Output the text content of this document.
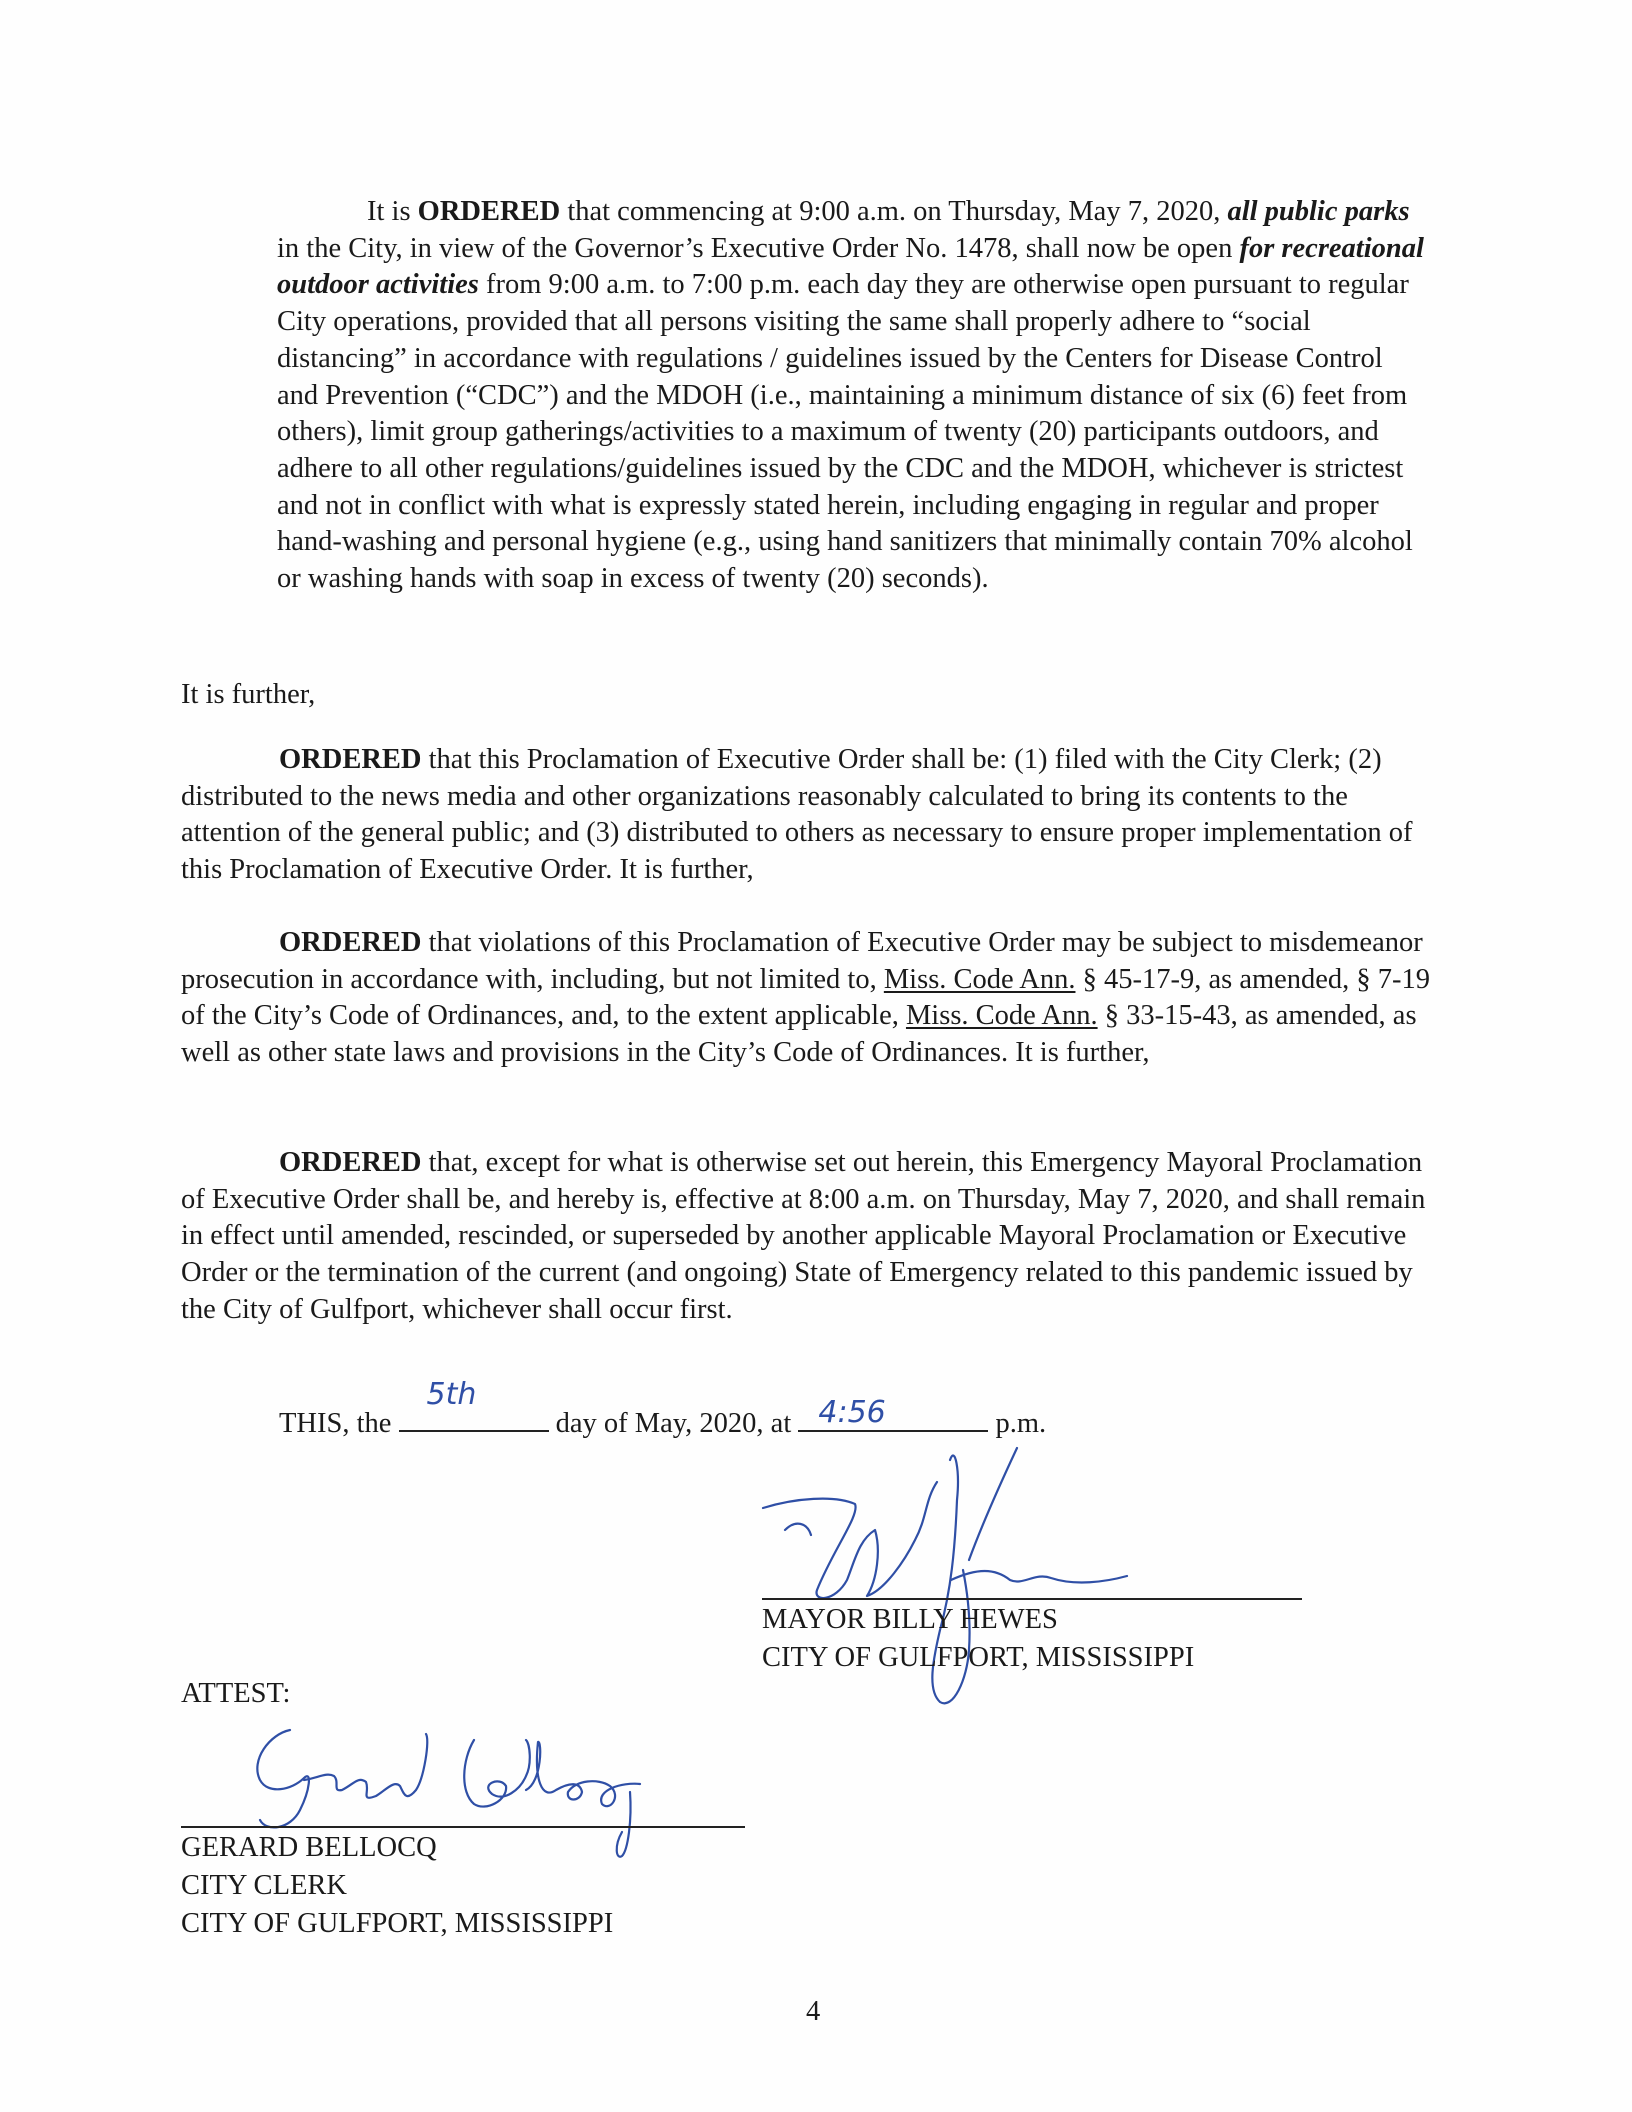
It is ORDERED that commencing at 9:00 a.m. on Thursday, May 7, 2020, all public parks in the City, in view of the Governor’s Executive Order No. 1478, shall now be open for recreational outdoor activities from 9:00 a.m. to 7:00 p.m. each day they are otherwise open pursuant to regular City operations, provided that all persons visiting the same shall properly adhere to “social distancing” in accordance with regulations / guidelines issued by the Centers for Disease Control and Prevention (“CDC”) and the MDOH (i.e., maintaining a minimum distance of six (6) feet from others), limit group gatherings/activities to a maximum of twenty (20) participants outdoors, and adhere to all other regulations/guidelines issued by the CDC and the MDOH, whichever is strictest and not in conflict with what is expressly stated herein, including engaging in regular and proper hand-washing and personal hygiene (e.g., using hand sanitizers that minimally contain 70% alcohol or washing hands with soap in excess of twenty (20) seconds).

It is further,

ORDERED that this Proclamation of Executive Order shall be: (1) filed with the City Clerk; (2) distributed to the news media and other organizations reasonably calculated to bring its contents to the attention of the general public; and (3) distributed to others as necessary to ensure proper implementation of this Proclamation of Executive Order. It is further,

ORDERED that violations of this Proclamation of Executive Order may be subject to misdemeanor prosecution in accordance with, including, but not limited to, Miss. Code Ann. § 45-17-9, as amended, § 7-19 of the City’s Code of Ordinances, and, to the extent applicable, Miss. Code Ann. § 33-15-43, as amended, as well as other state laws and provisions in the City’s Code of Ordinances. It is further,

ORDERED that, except for what is otherwise set out herein, this Emergency Mayoral Proclamation of Executive Order shall be, and hereby is, effective at 8:00 a.m. on Thursday, May 7, 2020, and shall remain in effect until amended, rescinded, or superseded by another applicable Mayoral Proclamation or Executive Order or the termination of the current (and ongoing) State of Emergency related to this pandemic issued by the City of Gulfport, whichever shall occur first.

THIS, the
5th
day of May, 2020, at 4:56	p.m.
MAYOR BILLY HEWES
CITY OF GULFPORT, MISSISSIPPI
ATTEST:
GERARD BELLOCQ
CITY CLERK
CITY OF GULFPORT, MISSISSIPPI
4
